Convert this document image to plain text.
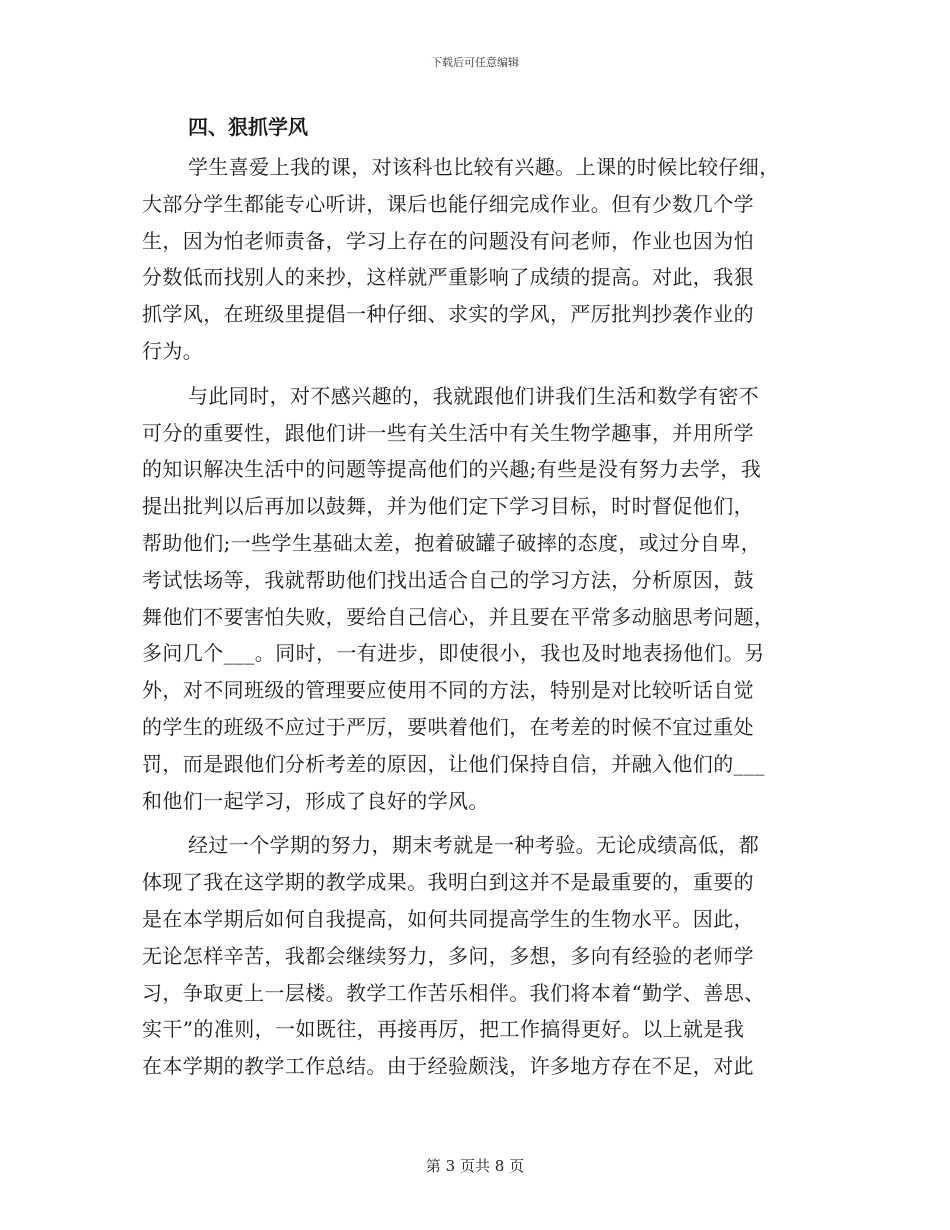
下载后可任意编辑
四、狠抓学风
学生喜爱上我的课，对该科也比较有兴趣。上课的时候比较仔细，
大部分学生都能专心听讲，课后也能仔细完成作业。但有少数几个学
生，因为怕老师责备，学习上存在的问题没有问老师，作业也因为怕
分数低而找别人的来抄，这样就严重影响了成绩的提高。对此，我狠
抓学风，在班级里提倡一种仔细、求实的学风，严厉批判抄袭作业的
行为。
与此同时，对不感兴趣的，我就跟他们讲我们生活和数学有密不
可分的重要性，跟他们讲一些有关生活中有关生物学趣事，并用所学
的知识解决生活中的问题等提高他们的兴趣;有些是没有努力去学，我
提出批判以后再加以鼓舞，并为他们定下学习目标，时时督促他们，
帮助他们;一些学生基础太差，抱着破罐子破摔的态度，或过分自卑，
考试怯场等，我就帮助他们找出适合自己的学习方法，分析原因，鼓
舞他们不要害怕失败，要给自己信心，并且要在平常多动脑思考问题，
多问几个___。同时，一有进步，即使很小，我也及时地表扬他们。另
外，对不同班级的管理要应使用不同的方法，特别是对比较听话自觉
的学生的班级不应过于严厉，要哄着他们，在考差的时候不宜过重处
罚，而是跟他们分析考差的原因，让他们保持自信，并融入他们的___
和他们一起学习，形成了良好的学风。
经过一个学期的努力，期末考就是一种考验。无论成绩高低，都
体现了我在这学期的教学成果。我明白到这并不是最重要的，重要的
是在本学期后如何自我提高，如何共同提高学生的生物水平。因此，
无论怎样辛苦，我都会继续努力，多问，多想，多向有经验的老师学
习，争取更上一层楼。教学工作苦乐相伴。我们将本着“勤学、善思、
实干”的准则，一如既往，再接再厉，把工作搞得更好。以上就是我
在本学期的教学工作总结。由于经验颇浅，许多地方存在不足，对此
第 3 页共 8 页
